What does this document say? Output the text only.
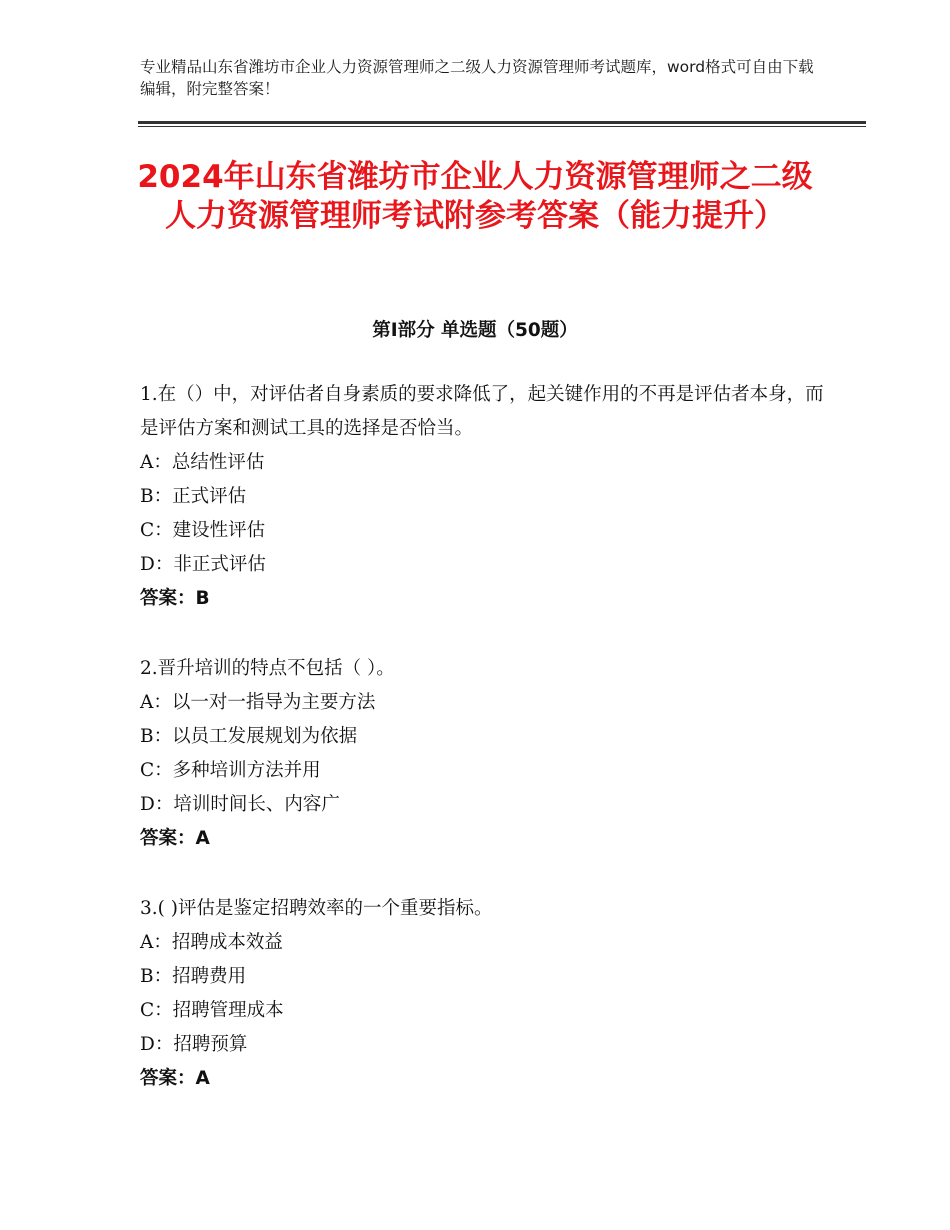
专业精品山东省潍坊市企业人力资源管理师之二级人力资源管理师考试题库，word格式可自由下载编辑，附完整答案！
2024年山东省潍坊市企业人力资源管理师之二级人力资源管理师考试附参考答案（能力提升）
第Ⅰ部分 单选题（50题）

1.在（）中，对评估者自身素质的要求降低了，起关键作用的不再是评估者本身，而是评估方案和测试工具的选择是否恰当。

A：总结性评估

B：正式评估

C：建设性评估

D：非正式评估

答案：B

2.晋升培训的特点不包括（ ）。

A：以一对一指导为主要方法

B：以员工发展规划为依据

C：多种培训方法并用

D：培训时间长、内容广

答案：A

3.( )评估是鉴定招聘效率的一个重要指标。

A：招聘成本效益

B：招聘费用

C：招聘管理成本

D：招聘预算

答案：A
